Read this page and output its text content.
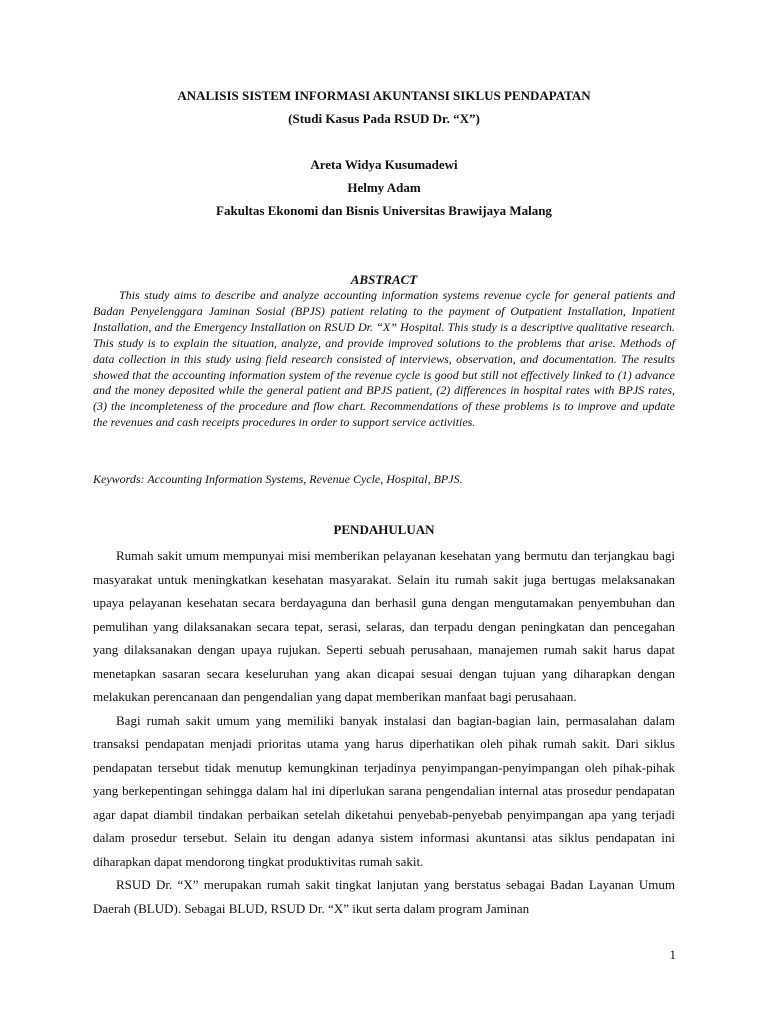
ANALISIS SISTEM INFORMASI AKUNTANSI SIKLUS PENDAPATAN

(Studi Kasus Pada RSUD Dr. “X”)

Areta Widya Kusumadewi

Helmy Adam

Fakultas Ekonomi dan Bisnis Universitas Brawijaya Malang

ABSTRACT

This study aims to describe and analyze accounting information systems revenue cycle for general patients and Badan Penyelenggara Jaminan Sosial (BPJS) patient relating to the payment of Outpatient Installation, Inpatient Installation, and the Emergency Installation on RSUD Dr. “X” Hospital. This study is a descriptive qualitative research. This study is to explain the situation, analyze, and provide improved solutions to the problems that arise. Methods of data collection in this study using field research consisted of interviews, observation, and documentation. The results showed that the accounting information system of the revenue cycle is good but still not effectively linked to (1) advance and the money deposited while the general patient and BPJS patient, (2) differences in hospital rates with BPJS rates, (3) the incompleteness of the procedure and flow chart. Recommendations of these problems is to improve and update the revenues and cash receipts procedures in order to support service activities.

Keywords: Accounting Information Systems, Revenue Cycle, Hospital, BPJS.

PENDAHULUAN

Rumah sakit umum mempunyai misi memberikan pelayanan kesehatan yang bermutu dan terjangkau bagi masyarakat untuk meningkatkan kesehatan masyarakat. Selain itu rumah sakit juga bertugas melaksanakan upaya pelayanan kesehatan secara berdayaguna dan berhasil guna dengan mengutamakan penyembuhan dan pemulihan yang dilaksanakan secara tepat, serasi, selaras, dan terpadu dengan peningkatan dan pencegahan yang dilaksanakan dengan upaya rujukan. Seperti sebuah perusahaan, manajemen rumah sakit harus dapat menetapkan sasaran secara keseluruhan yang akan dicapai sesuai dengan tujuan yang diharapkan dengan melakukan perencanaan dan pengendalian yang dapat memberikan manfaat bagi perusahaan.

Bagi rumah sakit umum yang memiliki banyak instalasi dan bagian-bagian lain, permasalahan dalam transaksi pendapatan menjadi prioritas utama yang harus diperhatikan oleh pihak rumah sakit. Dari siklus pendapatan tersebut tidak menutup kemungkinan terjadinya penyimpangan-penyimpangan oleh pihak-pihak yang berkepentingan sehingga dalam hal ini diperlukan sarana pengendalian internal atas prosedur pendapatan agar dapat diambil tindakan perbaikan setelah diketahui penyebab-penyebab penyimpangan apa yang terjadi dalam prosedur tersebut. Selain itu dengan adanya sistem informasi akuntansi atas siklus pendapatan ini diharapkan dapat mendorong tingkat produktivitas rumah sakit.

RSUD Dr. “X” merupakan rumah sakit tingkat lanjutan yang berstatus sebagai Badan Layanan Umum Daerah (BLUD). Sebagai BLUD, RSUD Dr. “X” ikut serta dalam program Jaminan

1
